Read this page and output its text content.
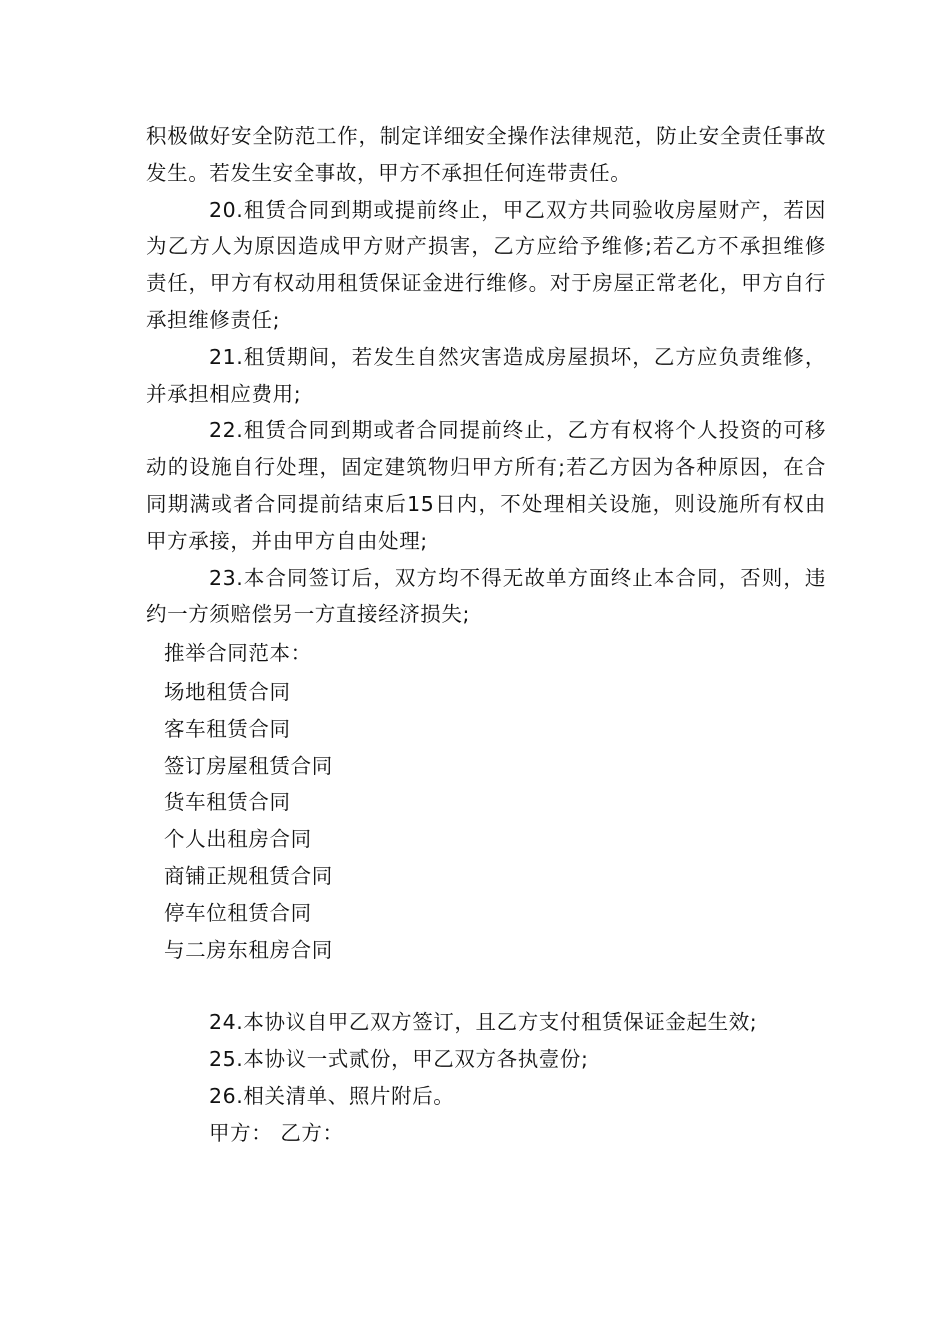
积极做好安全防范工作，制定详细安全操作法律规范，防止安全责任事故发生。若发生安全事故，甲方不承担任何连带责任。

20.租赁合同到期或提前终止，甲乙双方共同验收房屋财产，若因为乙方人为原因造成甲方财产损害，乙方应给予维修;若乙方不承担维修责任，甲方有权动用租赁保证金进行维修。对于房屋正常老化，甲方自行承担维修责任;

21.租赁期间，若发生自然灾害造成房屋损坏，乙方应负责维修，并承担相应费用;

22.租赁合同到期或者合同提前终止，乙方有权将个人投资的可移动的设施自行处理，固定建筑物归甲方所有;若乙方因为各种原因，在合同期满或者合同提前结束后15日内，不处理相关设施，则设施所有权由甲方承接，并由甲方自由处理;

23.本合同签订后，双方均不得无故单方面终止本合同，否则，违约一方须赔偿另一方直接经济损失;

推举合同范本：

场地租赁合同
客车租赁合同
签订房屋租赁合同
货车租赁合同
个人出租房合同
商铺正规租赁合同
停车位租赁合同
与二房东租房合同

24.本协议自甲乙双方签订，且乙方支付租赁保证金起生效;

25.本协议一式贰份，甲乙双方各执壹份;

26.相关清单、照片附后。

甲方： 乙方：
